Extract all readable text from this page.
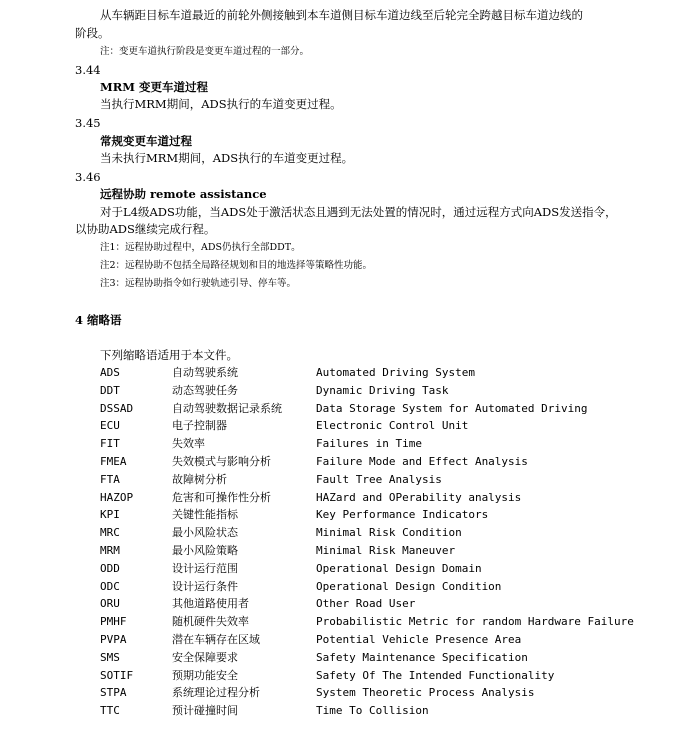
从车辆距目标车道最近的前轮外侧接触到本车道侧目标车道边线至后轮完全跨越目标车道边线的
阶段。
注：变更车道执行阶段是变更车道过程的一部分。
3.44
MRM 变更车道过程
当执行MRM期间，ADS执行的车道变更过程。
3.45
常规变更车道过程
当未执行MRM期间，ADS执行的车道变更过程。
3.46
远程协助 remote assistance
对于L4级ADS功能，当ADS处于激活状态且遇到无法处置的情况时，通过远程方式向ADS发送指令，
以协助ADS继续完成行程。
注1：远程协助过程中，ADS仍执行全部DDT。
注2：远程协助不包括全局路径规划和目的地选择等策略性功能。
注3：远程协助指令如行驶轨迹引导、停车等。
4 缩略语
下列缩略语适用于本文件。
ADS	自动驾驶系统	Automated Driving System
DDT	动态驾驶任务	Dynamic Driving Task
DSSAD	自动驾驶数据记录系统	Data Storage System for Automated Driving
ECU	电子控制器	Electronic Control Unit
FIT	失效率	Failures in Time
FMEA	失效模式与影响分析	Failure Mode and Effect Analysis
FTA	故障树分析	Fault Tree Analysis
HAZOP	危害和可操作性分析	HAZard and OPerability analysis
KPI	关键性能指标	Key Performance Indicators
MRC	最小风险状态	Minimal Risk Condition
MRM	最小风险策略	Minimal Risk Maneuver
ODD	设计运行范围	Operational Design Domain
ODC	设计运行条件	Operational Design Condition
ORU	其他道路使用者	Other Road User
PMHF	随机硬件失效率	Probabilistic Metric for random Hardware Failure
PVPA	潜在车辆存在区域	Potential Vehicle Presence Area
SMS	安全保障要求	Safety Maintenance Specification
SOTIF	预期功能安全	Safety Of The Intended Functionality
STPA	系统理论过程分析	System Theoretic Process Analysis
TTC	预计碰撞时间	Time To Collision
